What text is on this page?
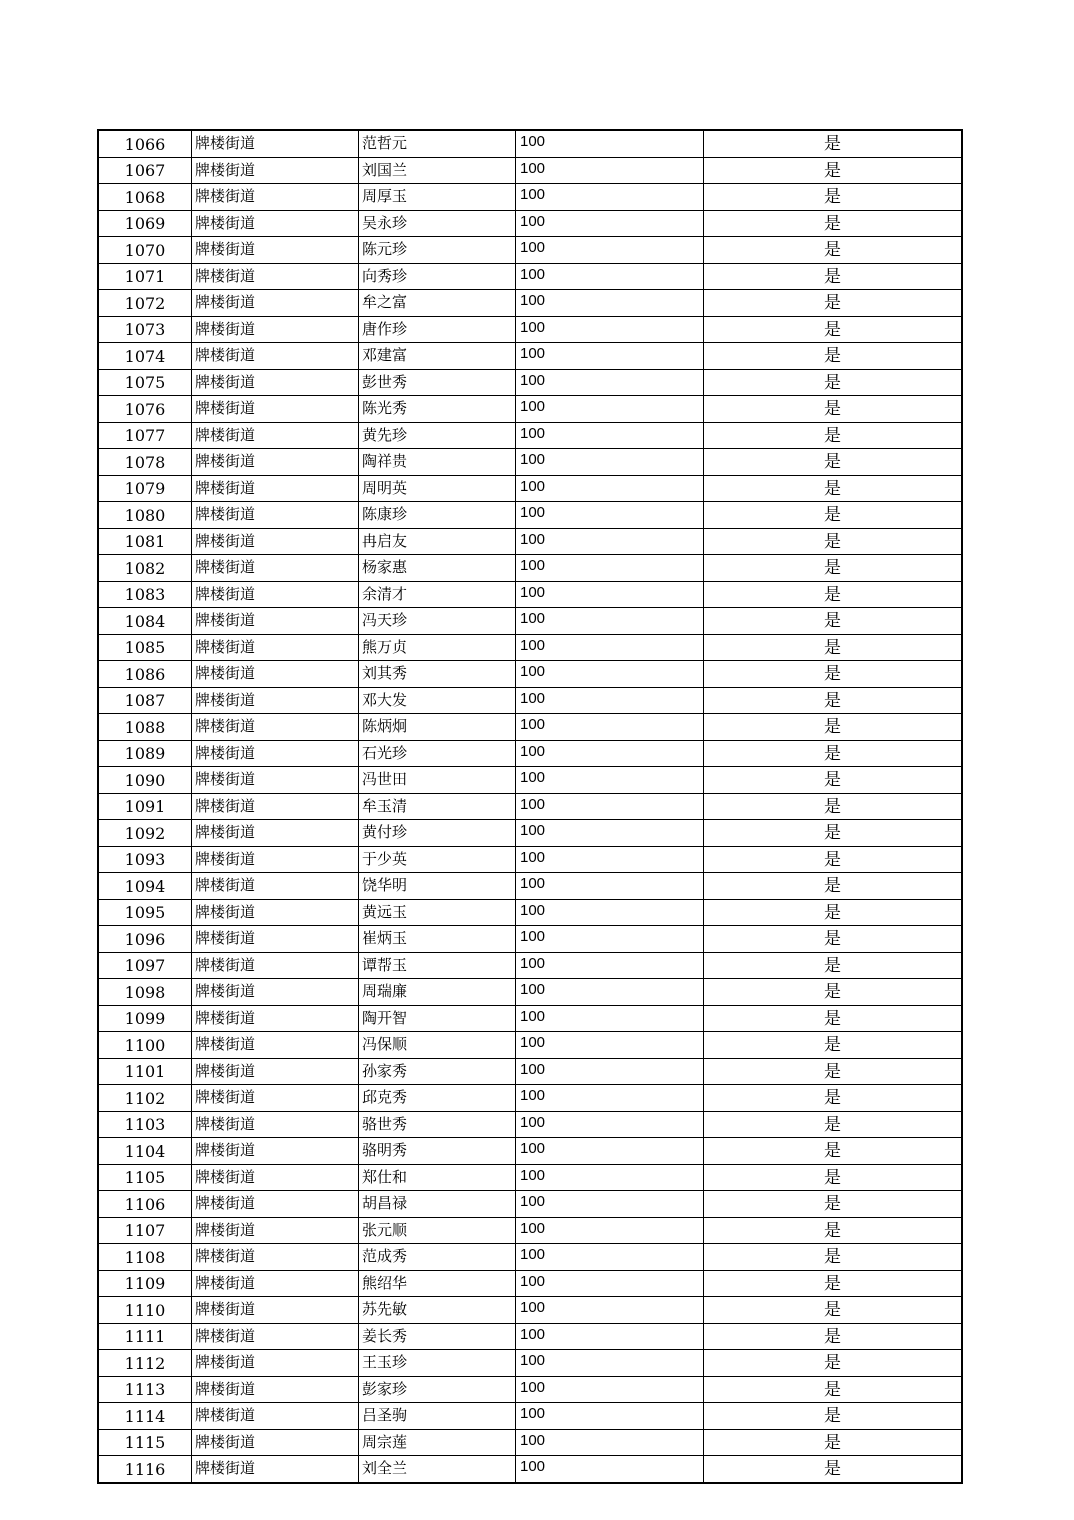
1066	牌楼街道	范哲元	100	是
1067	牌楼街道	刘国兰	100	是
1068	牌楼街道	周厚玉	100	是
1069	牌楼街道	吴永珍	100	是
1070	牌楼街道	陈元珍	100	是
1071	牌楼街道	向秀珍	100	是
1072	牌楼街道	牟之富	100	是
1073	牌楼街道	唐作珍	100	是
1074	牌楼街道	邓建富	100	是
1075	牌楼街道	彭世秀	100	是
1076	牌楼街道	陈光秀	100	是
1077	牌楼街道	黄先珍	100	是
1078	牌楼街道	陶祥贵	100	是
1079	牌楼街道	周明英	100	是
1080	牌楼街道	陈康珍	100	是
1081	牌楼街道	冉启友	100	是
1082	牌楼街道	杨家惠	100	是
1083	牌楼街道	余清才	100	是
1084	牌楼街道	冯天珍	100	是
1085	牌楼街道	熊万贞	100	是
1086	牌楼街道	刘其秀	100	是
1087	牌楼街道	邓大发	100	是
1088	牌楼街道	陈炳炯	100	是
1089	牌楼街道	石光珍	100	是
1090	牌楼街道	冯世田	100	是
1091	牌楼街道	牟玉清	100	是
1092	牌楼街道	黄付珍	100	是
1093	牌楼街道	于少英	100	是
1094	牌楼街道	饶华明	100	是
1095	牌楼街道	黄远玉	100	是
1096	牌楼街道	崔炳玉	100	是
1097	牌楼街道	谭帮玉	100	是
1098	牌楼街道	周瑞廉	100	是
1099	牌楼街道	陶开智	100	是
1100	牌楼街道	冯保顺	100	是
1101	牌楼街道	孙家秀	100	是
1102	牌楼街道	邱克秀	100	是
1103	牌楼街道	骆世秀	100	是
1104	牌楼街道	骆明秀	100	是
1105	牌楼街道	郑仕和	100	是
1106	牌楼街道	胡昌禄	100	是
1107	牌楼街道	张元顺	100	是
1108	牌楼街道	范成秀	100	是
1109	牌楼街道	熊绍华	100	是
1110	牌楼街道	苏先敏	100	是
1111	牌楼街道	姜长秀	100	是
1112	牌楼街道	王玉珍	100	是
1113	牌楼街道	彭家珍	100	是
1114	牌楼街道	吕圣驹	100	是
1115	牌楼街道	周宗莲	100	是
1116	牌楼街道	刘全兰	100	是
